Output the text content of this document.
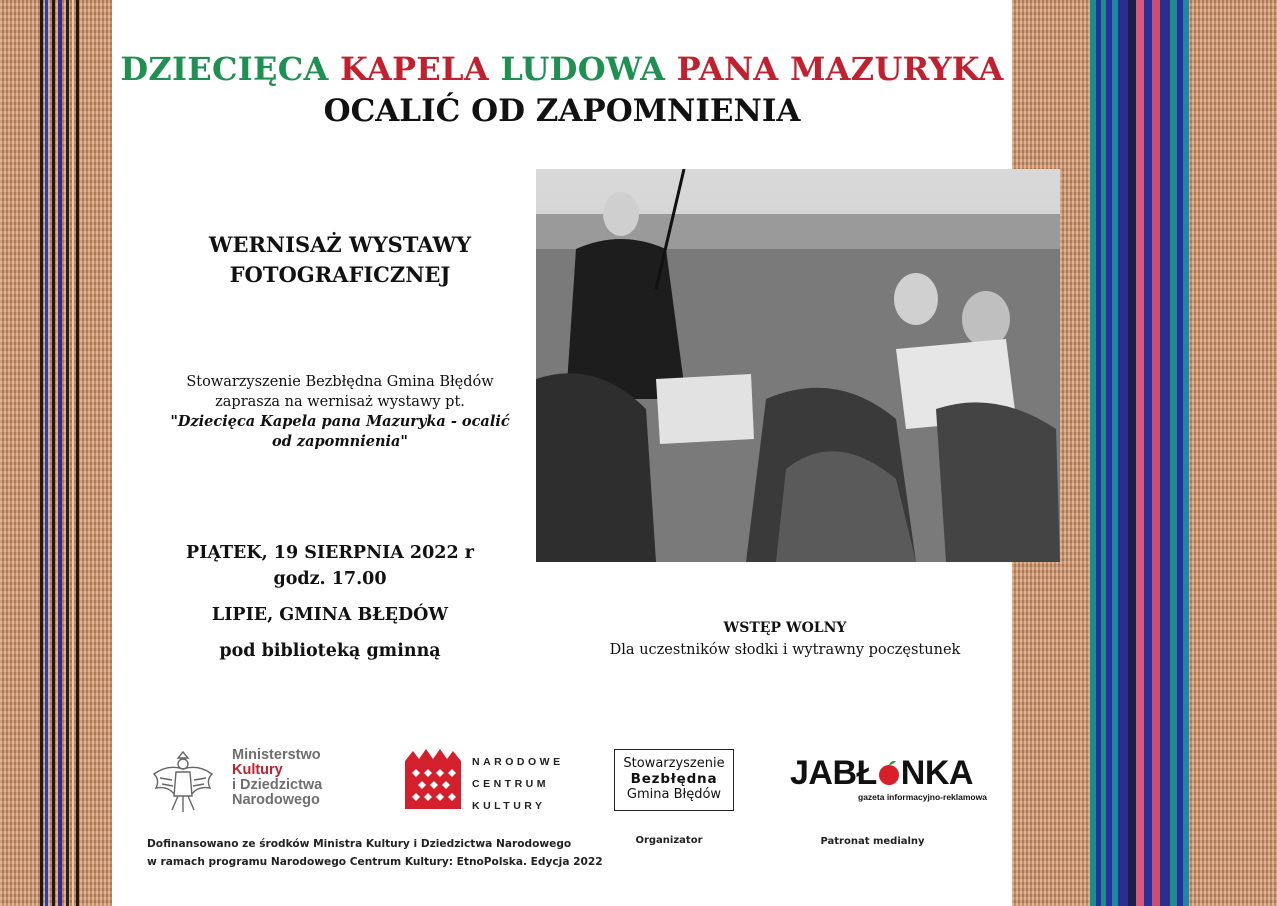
DZIECIĘCA KAPELA LUDOWA PANA MAZURYKA
OCALIĆ OD ZAPOMNIENIA
WERNISAŻ WYSTAWY
FOTOGRAFICZNEJ
Stowarzyszenie Bezbłędna Gmina Błędów
zaprasza na wernisaż wystawy pt.
"Dziecięca Kapela pana Mazuryka - ocalić
od zapomnienia"
PIĄTEK, 19 SIERPNIA 2022 r
godz. 17.00
LIPIE, GMINA BŁĘDÓW
pod biblioteką gminną
WSTĘP WOLNY
Dla uczestników słodki i wytrawny poczęstunek
Ministerstwo
Kultury
i Dziedzictwa
Narodowego
NARODOWE
CENTRUM
KULTURY
Stowarzyszenie
Bezbłędna
Gmina Błędów
JABŁ NKA
gazeta informacyjno-reklamowa
Dofinansowano ze środków Ministra Kultury i Dziedzictwa Narodowego
w ramach programu Narodowego Centrum Kultury: EtnoPolska. Edycja 2022
Organizator	Patronat medialny
